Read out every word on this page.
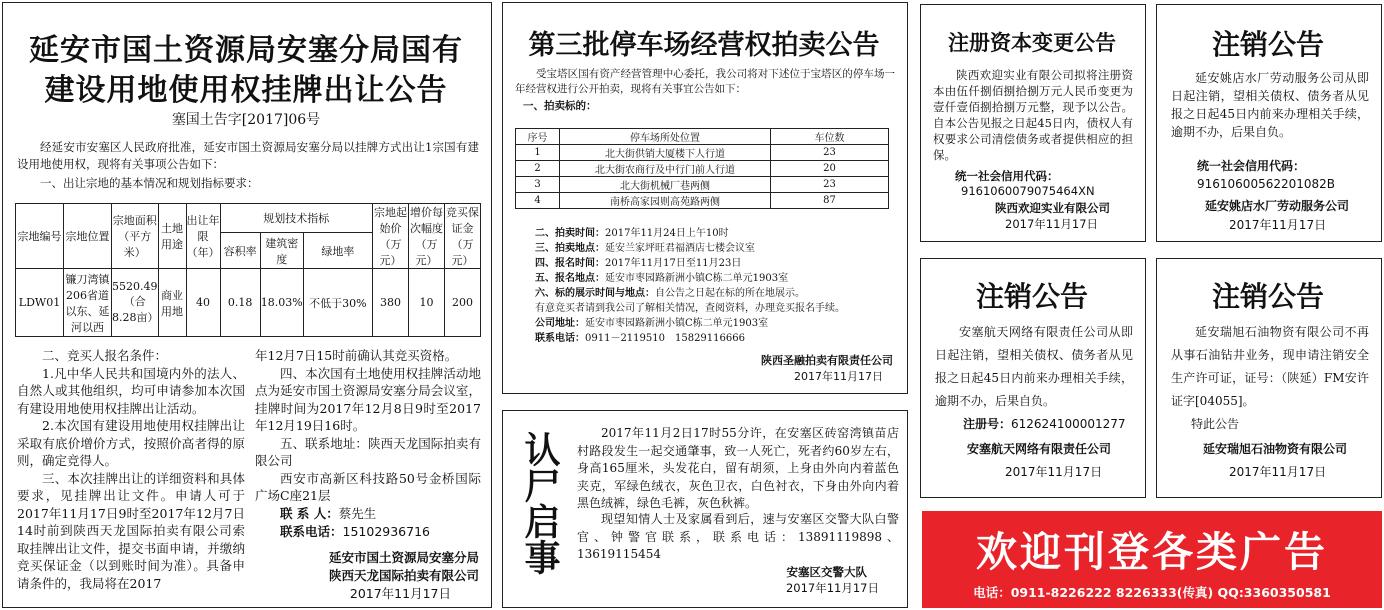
延安市国土资源局安塞分局国有
建设用地使用权挂牌出让公告
塞国土告字[2017]06号
经延安市安塞区人民政府批准，延安市国土资源局安塞分局以挂牌方式出让1宗国有建设用地使用权，现将有关事项公告如下：
一、出让宗地的基本情况和规划指标要求：
宗地编号	宗地位置	宗地面积（平方米）	土地用途	出让年限（年）	规划技术指标			宗地起始价（万元）	增价每次幅度（万元）	竞买保证金（万元）
					容积率	建筑密度	绿地率			
LDW01	镰刀湾镇206省道以东、延河以西	5520.49（合8.28亩）	商业用地	40	0.18	18.03%	不低于30%	380	10	200
二、竞买人报名条件：
1.凡中华人民共和国境内外的法人、自然人或其他组织，均可申请参加本次国有建设用地使用权挂牌出让活动。
2.本次国有建设用地使用权挂牌出让采取有底价增价方式，按照价高者得的原则，确定竞得人。
三、本次挂牌出让的详细资料和具体要求，见挂牌出让文件。申请人可于2017年11月17日9时至2017年12月7日14时前到陕西天龙国际拍卖有限公司索取挂牌出让文件，提交书面申请，并缴纳竞买保证金（以到账时间为准）。具备申请条件的，我局将在2017
年12月7日15时前确认其竞买资格。
四、本次国有土地使用权挂牌活动地点为延安市国土资源局安塞分局会议室，挂牌时间为2017年12月8日9时至2017年12月19日16时。
五、联系地址：陕西天龙国际拍卖有限公司
西安市高新区科技路50号金桥国际广场C座21层
联 系 人：蔡先生
联系电话：15102936716
延安市国土资源局安塞分局
陕西天龙国际拍卖有限公司
2017年11月17日
第三批停车场经营权拍卖公告
受宝塔区国有资产经营管理中心委托，我公司将对下述位于宝塔区的停车场一年经营权进行公开拍卖，现将有关事宜公告如下：
一、拍卖标的：
序号	停车场所处位置	车位数
1	北大街供销大厦楼下人行道	23
2	北大街农商行及中行门前人行道	20
3	北大街机械厂巷两侧	23
4	南桥高家园则高苑路两侧	87
二、拍卖时间：2017年11月24日上午10时
三、拍卖地点：延安兰家坪旺君福酒店七楼会议室
四、报名时间：2017年11月17日至11月23日
五、报名地点：延安市枣园路新洲小镇C栋二单元1903室
六、标的展示时间与地点：自公告之日起在标的所在地展示。
有意竞买者请到我公司了解相关情况，查阅资料，办理竞买报名手续。
公司地址：延安市枣园路新洲小镇C栋二单元1903室
联系电话：0911－2119510　15829116666
陕西圣融拍卖有限责任公司
2017年11月17日
认尸启事	2017年11月2日17时55分许，在安塞区砖窑湾镇苗店村路段发生一起交通肇事，致一人死亡，死者约60岁左右，身高165厘米，头发花白，留有胡须，上身由外向内着蓝色夹克，军绿色绒衣，灰色卫衣，白色衬衣，下身由外向内着黑色绒裤，绿色毛裤，灰色秋裤。
现望知情人士及家属看到后，速与安塞区交警大队白警官、钟警官联系，联系电话：13891119898、13619115454
安塞区交警大队
2017年11月17日
注册资本变更公告
陕西欢迎实业有限公司拟将注册资本由伍仟捌佰捌拾捌万元人民币变更为壹仟壹佰捌拾捌万元整，现予以公告。自本公告见报之日起45日内，债权人有权要求公司清偿债务或者提供相应的担保。
统一社会信用代码：
9161060079075464XN
陕西欢迎实业有限公司
2017年11月17日
注销公告
延安姚店水厂劳动服务公司从即日起注销，望相关债权、债务者从见报之日起45日内前来办理相关手续，逾期不办，后果自负。
统一社会信用代码：
91610600562201082B
延安姚店水厂劳动服务公司
2017年11月17日
注销公告
安塞航天网络有限责任公司从即日起注销，望相关债权、债务者从见报之日起45日内前来办理相关手续，逾期不办，后果自负。
注册号：612624100001277
安塞航天网络有限责任公司
2017年11月17日
注销公告
延安瑞旭石油物资有限公司不再从事石油钻井业务，现申请注销安全生产许可证，证号：（陕延）FM安许证字[04055]。
特此公告
延安瑞旭石油物资有限公司
2017年11月17日
欢迎刊登各类广告
电话：0911-8226222 8226333(传真) QQ:3360350581
